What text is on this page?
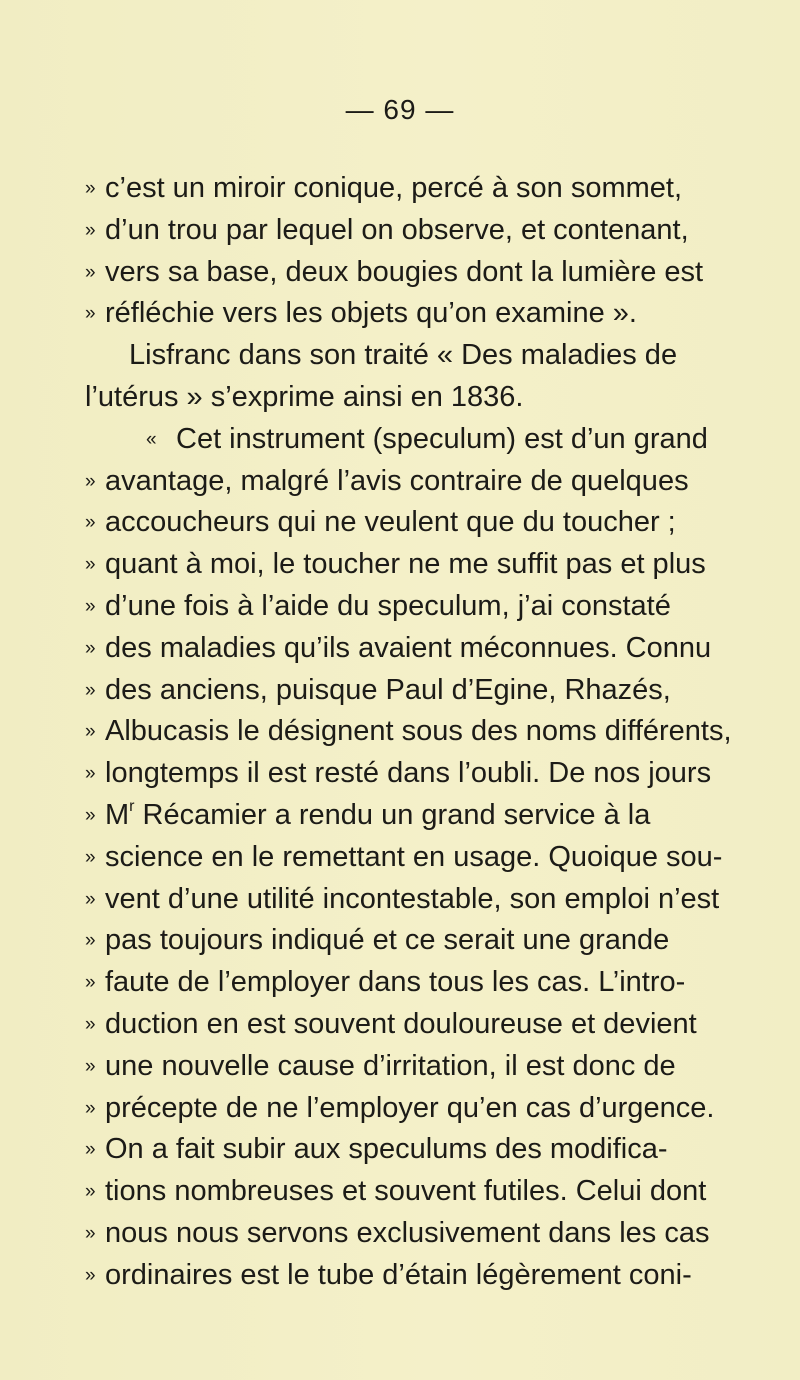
— 69 —
» c’est un miroir conique, percé à son sommet,
» d’un trou par lequel on observe, et contenant,
» vers sa base, deux bougies dont la lumière est
» réfléchie vers les objets qu’on examine ».
Lisfranc dans son traité « Des maladies de
l’utérus » s’exprime ainsi en 1836.
« Cet instrument (speculum) est d’un grand
» avantage, malgré l’avis contraire de quelques
» accoucheurs qui ne veulent que du toucher ;
» quant à moi, le toucher ne me suffit pas et plus
» d’une fois à l’aide du speculum, j’ai constaté
» des maladies qu’ils avaient méconnues. Connu
» des anciens, puisque Paul d’Egine, Rhazés,
» Albucasis le désignent sous des noms différents,
» longtemps il est resté dans l’oubli. De nos jours
» $M^r$ Récamier a rendu un grand service à la
» science en le remettant en usage. Quoique sou-
» vent d’une utilité incontestable, son emploi n’est
» pas toujours indiqué et ce serait une grande
» faute de l’employer dans tous les cas. L’intro-
» duction en est souvent douloureuse et devient
» une nouvelle cause d’irritation, il est donc de
» précepte de ne l’employer qu’en cas d’urgence.
» On a fait subir aux speculums des modifica-
» tions nombreuses et souvent futiles. Celui dont
» nous nous servons exclusivement dans les cas
» ordinaires est le tube d’étain légèrement coni-
